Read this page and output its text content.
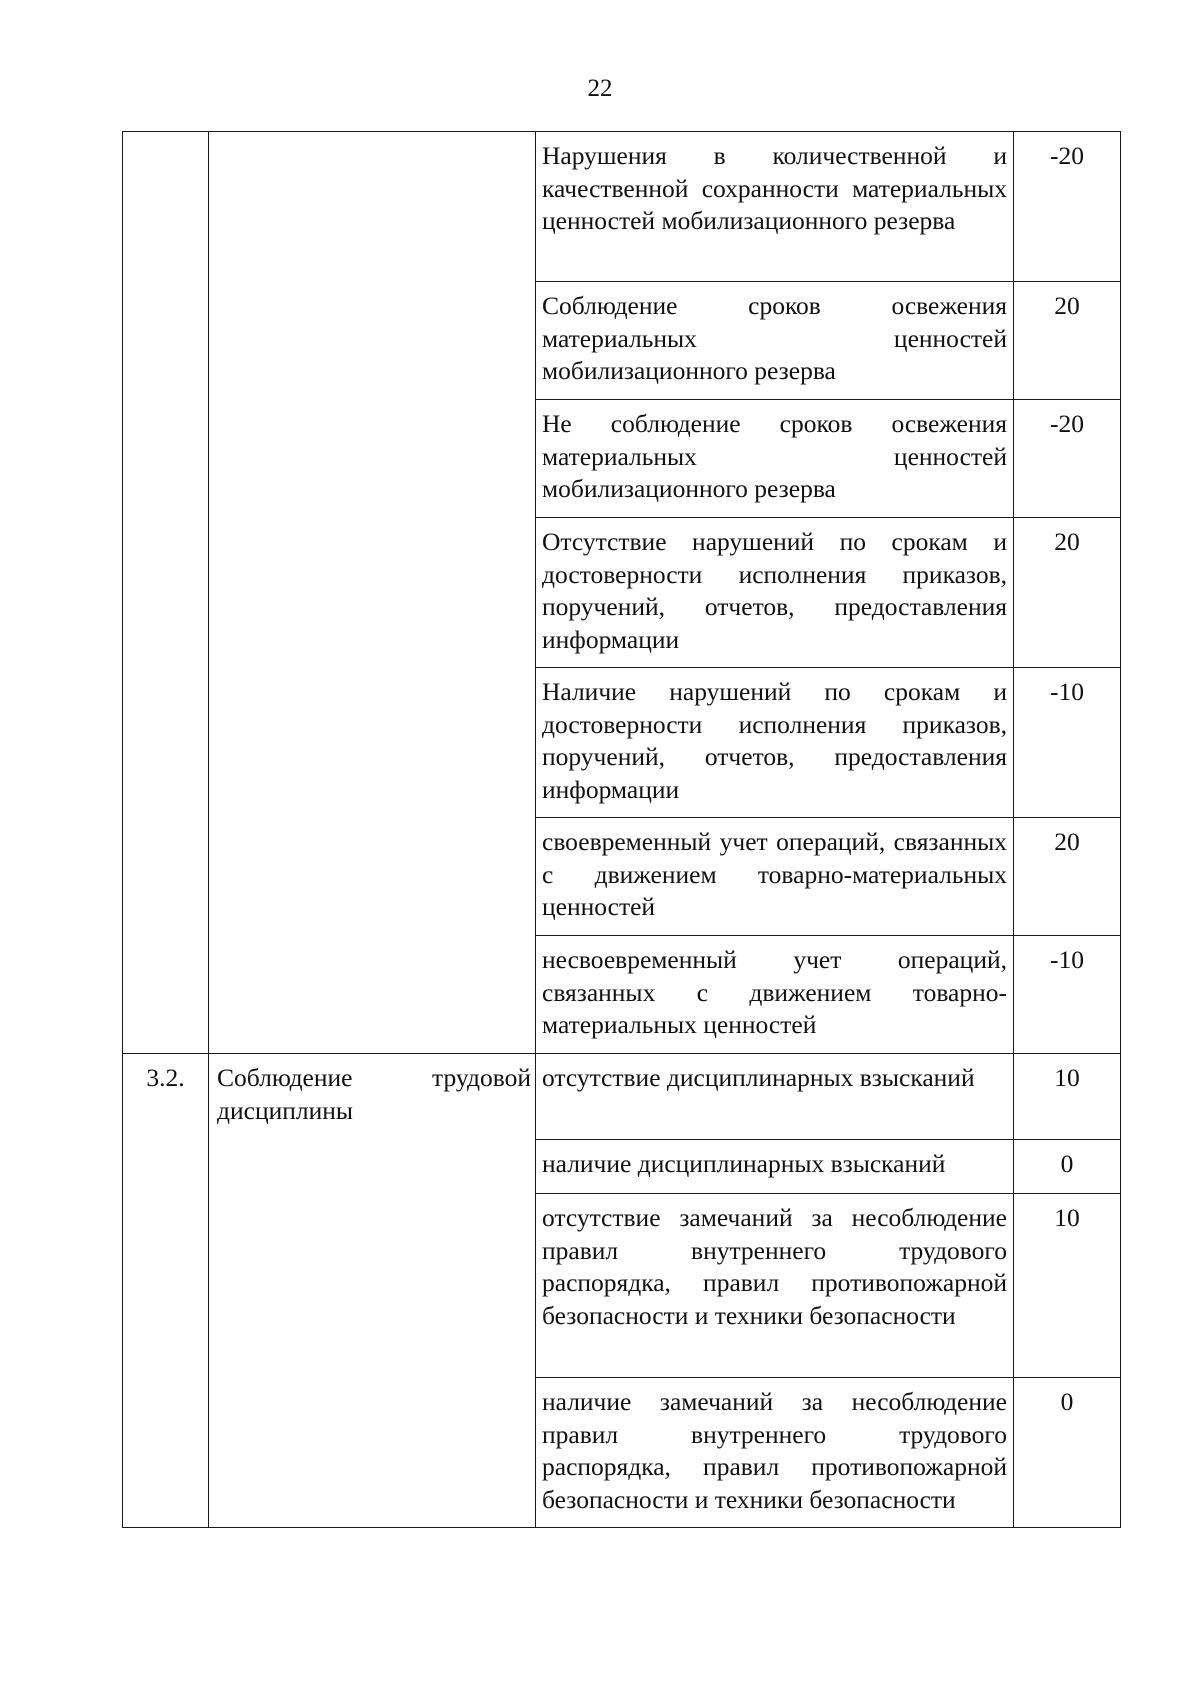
22
		Нарушения в количественной и качественной сохранности материальных ценностей мобилизационного резерва	-20
		Соблюдение сроков освежения материальных ценностей мобилизационного резерва	20
		Не соблюдение сроков освежения материальных ценностей мобилизационного резерва	-20
		Отсутствие нарушений по срокам и достоверности исполнения приказов, поручений, отчетов, предоставления информации	20
		Наличие нарушений по срокам и достоверности исполнения приказов, поручений, отчетов, предоставления информации	-10
		своевременный учет операций, связанных с движением товарно-материальных ценностей	20
		несвоевременный учет операций, связанных с движением товарно-материальных ценностей	-10
3.2.	Соблюдение трудовой дисциплины	отсутствие дисциплинарных взысканий	10
		наличие дисциплинарных взысканий	0
		отсутствие замечаний за несоблюдение правил внутреннего трудового распорядка, правил противопожарной безопасности и техники безопасности	10
		наличие замечаний за несоблюдение правил внутреннего трудового распорядка, правил противопожарной безопасности и техники безопасности	0
